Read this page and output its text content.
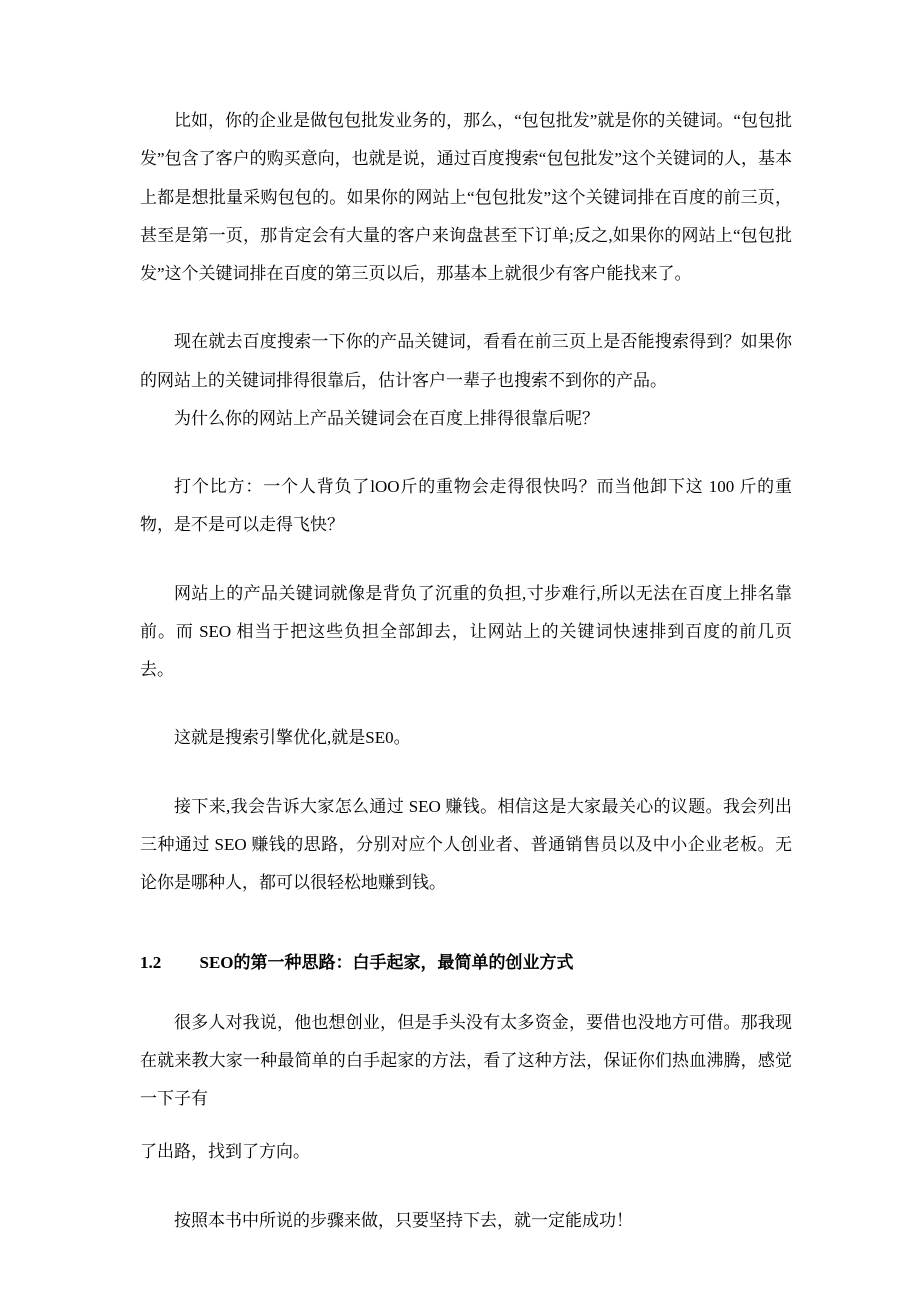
比如，你的企业是做包包批发业务的，那么，“包包批发”就是你的关键词。“包包批发”包含了客户的购买意向，也就是说，通过百度搜索“包包批发”这个关键词的人，基本上都是想批量采购包包的。如果你的网站上“包包批发”这个关键词排在百度的前三页，甚至是第一页，那肯定会有大量的客户来询盘甚至下订单;反之,如果你的网站上“包包批发”这个关键词排在百度的第三页以后，那基本上就很少有客户能找来了。

现在就去百度搜索一下你的产品关键词，看看在前三页上是否能搜索得到？如果你的网站上的关键词排得很靠后，估计客户一辈子也搜索不到你的产品。

为什么你的网站上产品关键词会在百度上排得很靠后呢？

打个比方：一个人背负了lOO斤的重物会走得很快吗？而当他卸下这 100 斤的重物，是不是可以走得飞快？

网站上的产品关键词就像是背负了沉重的负担,寸步难行,所以无法在百度上排名靠前。而 SEO 相当于把这些负担全部卸去，让网站上的关键词快速排到百度的前几页去。

这就是搜索引擎优化,就是SE0。

接下来,我会告诉大家怎么通过 SEO 赚钱。相信这是大家最关心的议题。我会列出三种通过 SEO 赚钱的思路，分别对应个人创业者、普通销售员以及中小企业老板。无论你是哪种人，都可以很轻松地赚到钱。

1.2 SEO的第一种思路：白手起家，最简单的创业方式

很多人对我说，他也想创业，但是手头没有太多资金，要借也没地方可借。那我现在就来教大家一种最简单的白手起家的方法，看了这种方法，保证你们热血沸腾，感觉一下子有

了出路，找到了方向。

按照本书中所说的步骤来做，只要坚持下去，就一定能成功！
